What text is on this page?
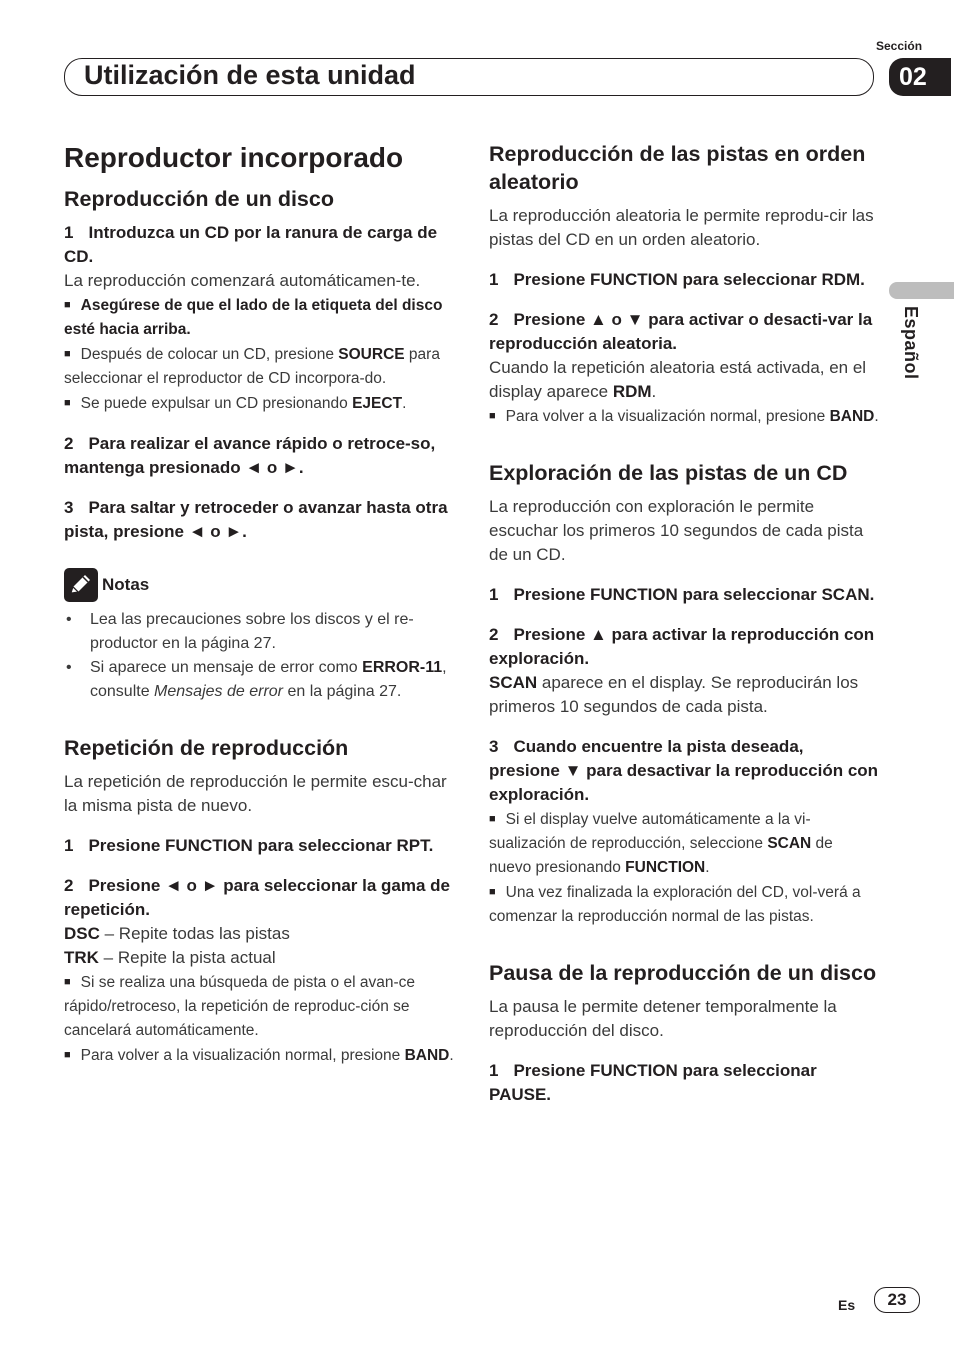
Sección
Utilización de esta unidad	02
Español
Reproductor incorporado
Reproducción de un disco

1 Introduzca un CD por la ranura de carga de CD.

La reproducción comenzará automáticamen-te.

■ Asegúrese de que el lado de la etiqueta del disco esté hacia arriba.

■ Después de colocar un CD, presione SOURCE para seleccionar el reproductor de CD incorpora-do.

■ Se puede expulsar un CD presionando EJECT.

2 Para realizar el avance rápido o retroce-so, mantenga presionado ◄ o ►.

3 Para saltar y retroceder o avanzar hasta otra pista, presione ◄ o ►.

Notas

• Lea las precauciones sobre los discos y el re-productor en la página 27.

• Si aparece un mensaje de error como ERROR-11, consulte Mensajes de error en la página 27.

Repetición de reproducción

La repetición de reproducción le permite escu-char la misma pista de nuevo.

1 Presione FUNCTION para seleccionar RPT.

2 Presione ◄ o ► para seleccionar la gama de repetición.

DSC – Repite todas las pistas

TRK – Repite la pista actual

■ Si se realiza una búsqueda de pista o el avan-ce rápido/retroceso, la repetición de reproduc-ción se cancelará automáticamente.

■ Para volver a la visualización normal, presione BAND.

Reproducción de las pistas en orden aleatorio

La reproducción aleatoria le permite reprodu-cir las pistas del CD en un orden aleatorio.

1 Presione FUNCTION para seleccionar RDM.

2 Presione ▲ o ▼ para activar o desacti-var la reproducción aleatoria.

Cuando la repetición aleatoria está activada, en el display aparece RDM.

■ Para volver a la visualización normal, presione BAND.

Exploración de las pistas de un CD

La reproducción con exploración le permite escuchar los primeros 10 segundos de cada pista de un CD.

1 Presione FUNCTION para seleccionar SCAN.

2 Presione ▲ para activar la reproducción con exploración.

SCAN aparece en el display. Se reproducirán los primeros 10 segundos de cada pista.

3 Cuando encuentre la pista deseada, presione ▼ para desactivar la reproducción con exploración.

■ Si el display vuelve automáticamente a la vi-sualización de reproducción, seleccione SCAN de nuevo presionando FUNCTION.

■ Una vez finalizada la exploración del CD, vol-verá a comenzar la reproducción normal de las pistas.

Pausa de la reproducción de un disco

La pausa le permite detener temporalmente la reproducción del disco.

1 Presione FUNCTION para seleccionar PAUSE.

Es	23
